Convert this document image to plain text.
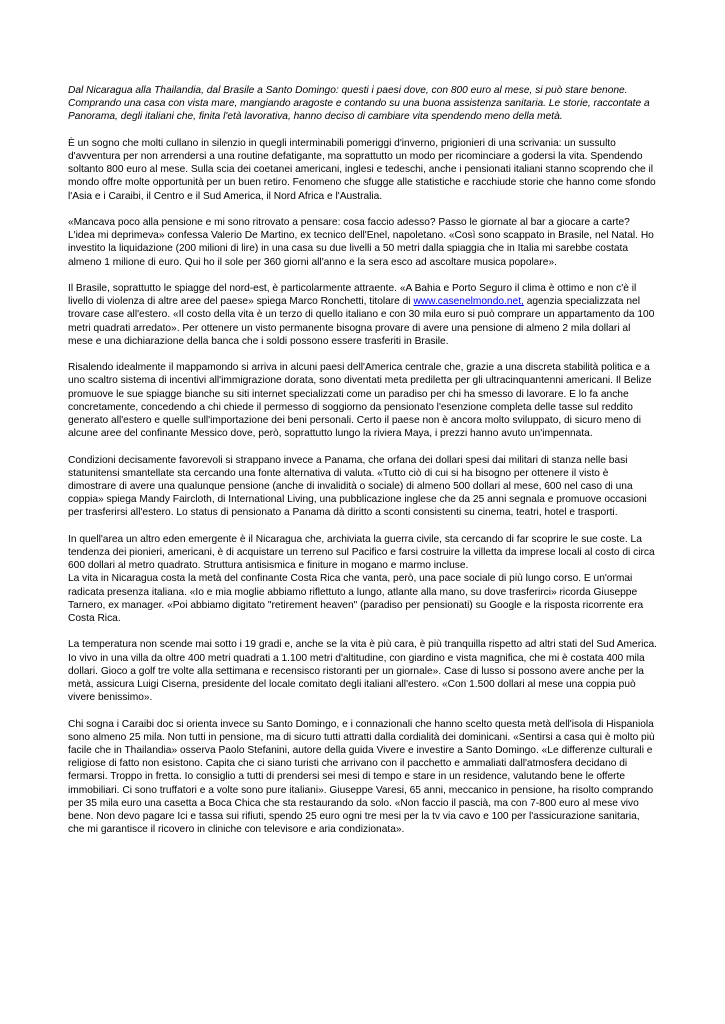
Dal Nicaragua alla Thailandia, dal Brasile a Santo Domingo: questi i paesi dove, con 800 euro al mese, si può stare benone. Comprando una casa con vista mare, mangiando aragoste e contando su una buona assistenza sanitaria. Le storie, raccontate a Panorama, degli italiani che, finita l'età lavorativa, hanno deciso di cambiare vita spendendo meno della metà.

È un sogno che molti cullano in silenzio in quegli interminabili pomeriggi d'inverno, prigionieri di una scrivania: un sussulto d'avventura per non arrendersi a una routine defatigante, ma soprattutto un modo per ricominciare a godersi la vita. Spendendo soltanto 800 euro al mese. Sulla scia dei coetanei americani, inglesi e tedeschi, anche i pensionati italiani stanno scoprendo che il mondo offre molte opportunità per un buen retiro. Fenomeno che sfugge alle statistiche e racchiude storie che hanno come sfondo l'Asia e i Caraibi, il Centro e il Sud America, il Nord Africa e l'Australia.

«Mancava poco alla pensione e mi sono ritrovato a pensare: cosa faccio adesso? Passo le giornate al bar a giocare a carte? L'idea mi deprimeva» confessa Valerio De Martino, ex tecnico dell'Enel, napoletano. «Così sono scappato in Brasile, nel Natal. Ho investito la liquidazione (200 milioni di lire) in una casa su due livelli a 50 metri dalla spiaggia che in Italia mi sarebbe costata almeno 1 milione di euro. Qui ho il sole per 360 giorni all'anno e la sera esco ad ascoltare musica popolare».

Il Brasile, soprattutto le spiagge del nord-est, è particolarmente attraente. «A Bahia e Porto Seguro il clima è ottimo e non c'è il livello di violenza di altre aree del paese» spiega Marco Ronchetti, titolare di www.casenelmondo.net, agenzia specializzata nel trovare case all'estero. «Il costo della vita è un terzo di quello italiano e con 30 mila euro si può comprare un appartamento da 100 metri quadrati arredato». Per ottenere un visto permanente bisogna provare di avere una pensione di almeno 2 mila dollari al mese e una dichiarazione della banca che i soldi possono essere trasferiti in Brasile.

Risalendo idealmente il mappamondo si arriva in alcuni paesi dell'America centrale che, grazie a una discreta stabilità politica e a uno scaltro sistema di incentivi all'immigrazione dorata, sono diventati meta prediletta per gli ultracinquantenni americani. Il Belize promuove le sue spiagge bianche su siti internet specializzati come un paradiso per chi ha smesso di lavorare. E lo fa anche concretamente, concedendo a chi chiede il permesso di soggiorno da pensionato l'esenzione completa delle tasse sul reddito generato all'estero e quelle sull'importazione dei beni personali. Certo il paese non è ancora molto sviluppato, di sicuro meno di alcune aree del confinante Messico dove, però, soprattutto lungo la riviera Maya, i prezzi hanno avuto un'impennata.

Condizioni decisamente favorevoli si strappano invece a Panama, che orfana dei dollari spesi dai militari di stanza nelle basi statunitensi smantellate sta cercando una fonte alternativa di valuta. «Tutto ciò di cui si ha bisogno per ottenere il visto è dimostrare di avere una qualunque pensione (anche di invalidità o sociale) di almeno 500 dollari al mese, 600 nel caso di una coppia» spiega Mandy Faircloth, di International Living, una pubblicazione inglese che da 25 anni segnala e promuove occasioni per trasferirsi all'estero. Lo status di pensionato a Panama dà diritto a sconti consistenti su cinema, teatri, hotel e trasporti.

In quell'area un altro eden emergente è il Nicaragua che, archiviata la guerra civile, sta cercando di far scoprire le sue coste. La tendenza dei pionieri, americani, è di acquistare un terreno sul Pacifico e farsi costruire la villetta da imprese locali al costo di circa 600 dollari al metro quadrato. Struttura antisismica e finiture in mogano e marmo incluse.
La vita in Nicaragua costa la metà del confinante Costa Rica che vanta, però, una pace sociale di più lungo corso. E un'ormai radicata presenza italiana. «Io e mia moglie abbiamo riflettuto a lungo, atlante alla mano, su dove trasferirci» ricorda Giuseppe Tarnero, ex manager. «Poi abbiamo digitato "retirement heaven" (paradiso per pensionati) su Google e la risposta ricorrente era Costa Rica.

La temperatura non scende mai sotto i 19 gradi e, anche se la vita è più cara, è più tranquilla rispetto ad altri stati del Sud America. Io vivo in una villa da oltre 400 metri quadrati a 1.100 metri d'altitudine, con giardino e vista magnifica, che mi è costata 400 mila dollari. Gioco a golf tre volte alla settimana e recensisco ristoranti per un giornale». Case di lusso si possono avere anche per la metà, assicura Luigi Ciserna, presidente del locale comitato degli italiani all'estero. «Con 1.500 dollari al mese una coppia può vivere benissimo».

Chi sogna i Caraibi doc si orienta invece su Santo Domingo, e i connazionali che hanno scelto questa metà dell'isola di Hispaniola sono almeno 25 mila. Non tutti in pensione, ma di sicuro tutti attratti dalla cordialità dei dominicani. «Sentirsi a casa qui è molto più facile che in Thailandia» osserva Paolo Stefanini, autore della guida Vivere e investire a Santo Domingo. «Le differenze culturali e religiose di fatto non esistono. Capita che ci siano turisti che arrivano con il pacchetto e ammaliati dall'atmosfera decidano di fermarsi. Troppo in fretta. Io consiglio a tutti di prendersi sei mesi di tempo e stare in un residence, valutando bene le offerte immobiliari. Ci sono truffatori e a volte sono pure italiani». Giuseppe Varesi, 65 anni, meccanico in pensione, ha risolto comprando per 35 mila euro una casetta a Boca Chica che sta restaurando da solo. «Non faccio il pascià, ma con 7-800 euro al mese vivo bene. Non devo pagare Ici e tassa sui rifiuti, spendo 25 euro ogni tre mesi per la tv via cavo e 100 per l'assicurazione sanitaria, che mi garantisce il ricovero in cliniche con televisore e aria condizionata».
